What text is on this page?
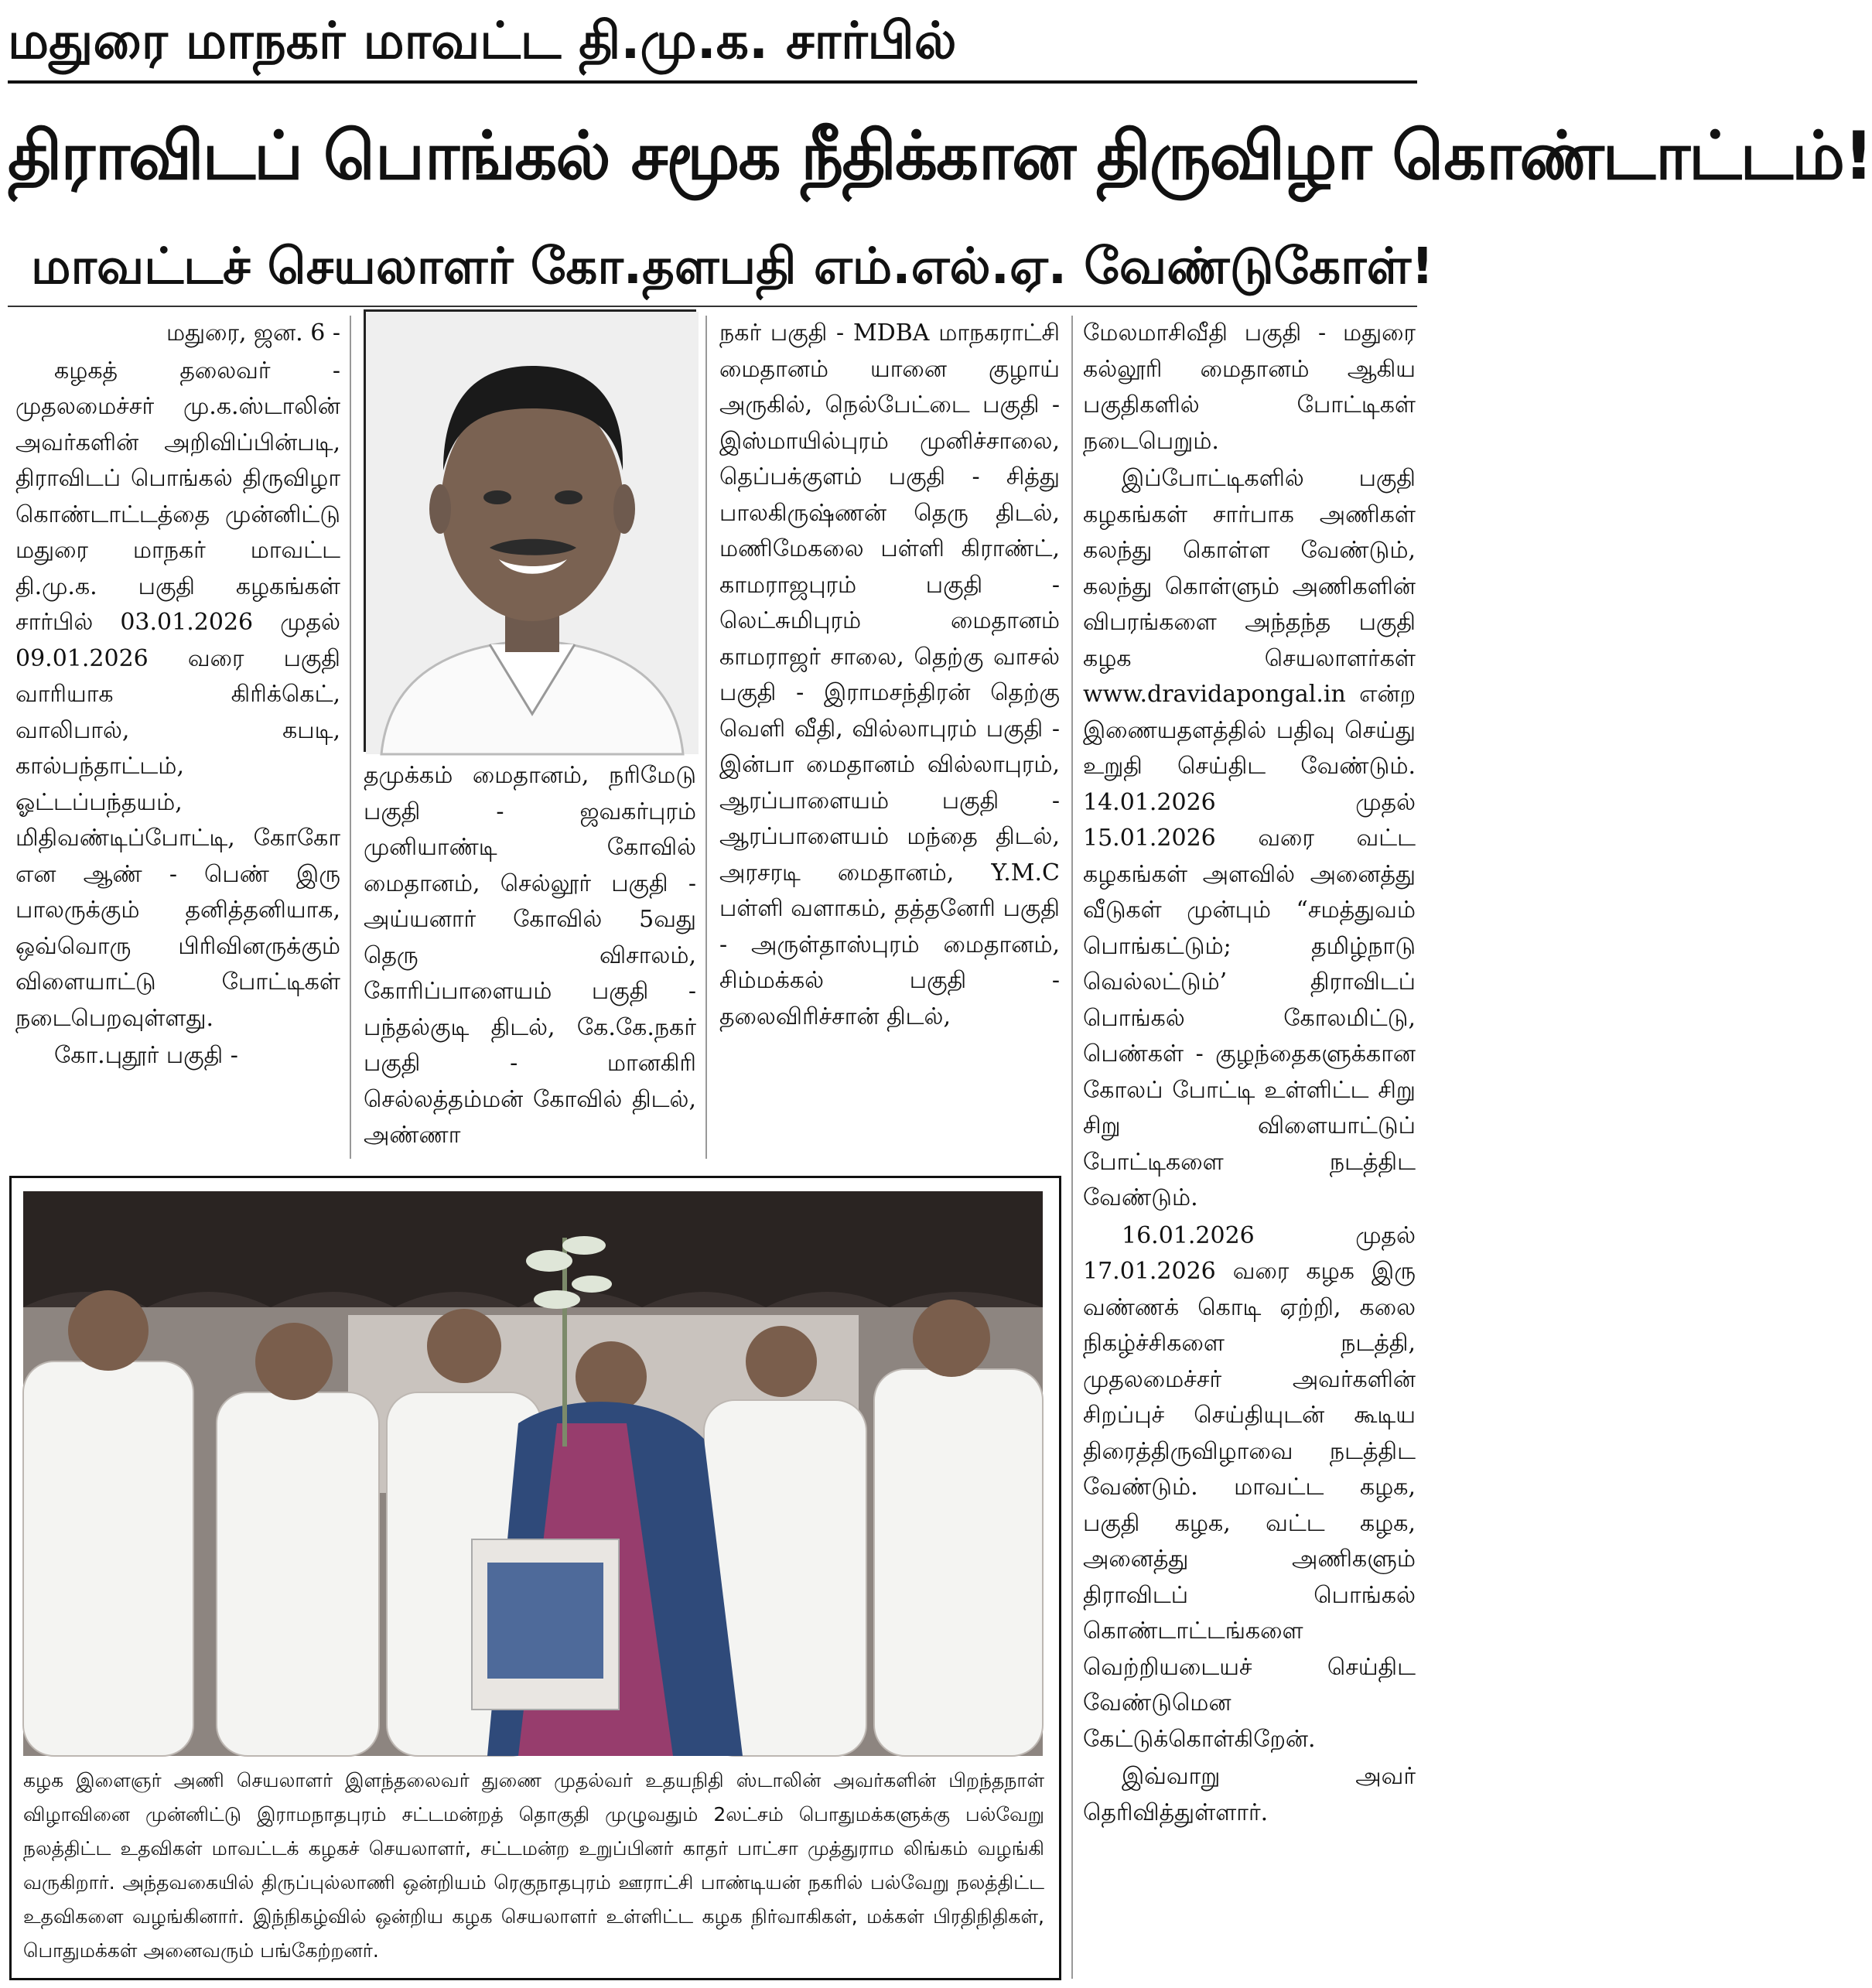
மதுரை மாநகர் மாவட்ட தி.மு.க. சார்பில்
திராவிடப் பொங்கல் சமூக நீதிக்கான திருவிழா கொண்டாட்டம்!
மாவட்டச் செயலாளர் கோ.தளபதி எம்.எல்.ஏ. வேண்டுகோள்!

மதுரை, ஜன. 6 -

கழகத் தலைவர் - முதலமைச்சர் மு.க.ஸ்டாலின் அவர்களின் அறிவிப்பின்படி, திராவிடப் பொங்கல் திருவிழா கொண்டாட்டத்தை முன்னிட்டு மதுரை மாநகர் மாவட்ட தி.மு.க. பகுதி கழகங்கள் சார்பில் 03.01.2026 முதல் 09.01.2026 வரை பகுதி வாரியாக கிரிக்கெட், வாலிபால், கபடி, கால்பந்தாட்டம், ஓட்டப்பந்தயம், மிதிவண்டிப்போட்டி, கோகோ என ஆண் - பெண் இரு பாலருக்கும் தனித்தனியாக, ஒவ்வொரு பிரிவினருக்கும் விளையாட்டு போட்டிகள் நடைபெறவுள்ளது.

கோ.புதூர் பகுதி -

தமுக்கம் மைதானம், நரிமேடு பகுதி - ஜவகர்புரம் முனியாண்டி கோவில் மைதானம், செல்லூர் பகுதி - அய்யனார் கோவில் 5வது தெரு விசாலம், கோரிப்பாளையம் பகுதி - பந்தல்குடி திடல், கே.கே.நகர் பகுதி - மானகிரி செல்லத்தம்மன் கோவில் திடல், அண்ணா
நகர் பகுதி - MDBA மாநகராட்சி மைதானம் யானை குழாய் அருகில், நெல்பேட்டை பகுதி - இஸ்மாயில்புரம் முனிச்சாலை, தெப்பக்குளம் பகுதி - சித்து பாலகிருஷ்ணன் தெரு திடல், மணிமேகலை பள்ளி கிராண்ட், காமராஜபுரம் பகுதி - லெட்சுமிபுரம் மைதானம் காமராஜர் சாலை, தெற்கு வாசல் பகுதி - இராமசந்திரன் தெற்கு வெளி வீதி, வில்லாபுரம் பகுதி - இன்பா மைதானம் வில்லாபுரம், ஆரப்பாளையம் பகுதி - ஆரப்பாளையம் மந்தை திடல், அரசரடி மைதானம், Y.M.C பள்ளி வளாகம், தத்தனேரி பகுதி - அருள்தாஸ்புரம் மைதானம், சிம்மக்கல் பகுதி - தலைவிரிச்சான் திடல்,

மேலமாசிவீதி பகுதி - மதுரை கல்லூரி மைதானம் ஆகிய பகுதிகளில் போட்டிகள் நடைபெறும்.

இப்போட்டிகளில் பகுதி கழகங்கள் சார்பாக அணிகள் கலந்து கொள்ள வேண்டும், கலந்து கொள்ளும் அணிகளின் விபரங்களை அந்தந்த பகுதி கழக செயலாளர்கள் www.dravidapongal.in என்ற இணையதளத்தில் பதிவு செய்து உறுதி செய்திட வேண்டும். 14.01.2026 முதல் 15.01.2026 வரை வட்ட கழகங்கள் அளவில் அனைத்து வீடுகள் முன்பும் “சமத்துவம் பொங்கட்டும்; தமிழ்நாடு வெல்லட்டும்’ திராவிடப் பொங்கல் கோலமிட்டு, பெண்கள் - குழந்தைகளுக்கான கோலப் போட்டி உள்ளிட்ட சிறு சிறு விளையாட்டுப் போட்டிகளை நடத்திட வேண்டும்.

16.01.2026 முதல் 17.01.2026 வரை கழக இரு வண்ணக் கொடி ஏற்றி, கலை நிகழ்ச்சிகளை நடத்தி, முதலமைச்சர் அவர்களின் சிறப்புச் செய்தியுடன் கூடிய திரைத்திருவிழாவை நடத்திட வேண்டும். மாவட்ட கழக, பகுதி கழக, வட்ட கழக, அனைத்து அணிகளும் திராவிடப் பொங்கல் கொண்டாட்டங்களை வெற்றியடையச் செய்திட வேண்டுமென கேட்டுக்கொள்கிறேன்.

இவ்வாறு அவர் தெரிவித்துள்ளார்.

கழக இளைஞர் அணி செயலாளர் இளந்தலைவர் துணை முதல்வர் உதயநிதி ஸ்டாலின் அவர்களின் பிறந்தநாள் விழாவினை முன்னிட்டு இராமநாதபுரம் சட்டமன்றத் தொகுதி முழுவதும் 2லட்சம் பொதுமக்களுக்கு பல்வேறு நலத்திட்ட உதவிகள் மாவட்டக் கழகச் செயலாளர், சட்டமன்ற உறுப்பினர் காதர் பாட்சா முத்துராம லிங்கம் வழங்கி வருகிறார். அந்தவகையில் திருப்புல்லாணி ஒன்றியம் ரெகுநாதபுரம் ஊராட்சி பாண்டியன் நகரில் பல்வேறு நலத்திட்ட உதவிகளை வழங்கினார். இந்நிகழ்வில் ஒன்றிய கழக செயலாளர் உள்ளிட்ட கழக நிர்வாகிகள், மக்கள் பிரதிநிதிகள், பொதுமக்கள் அனைவரும் பங்கேற்றனர்.
